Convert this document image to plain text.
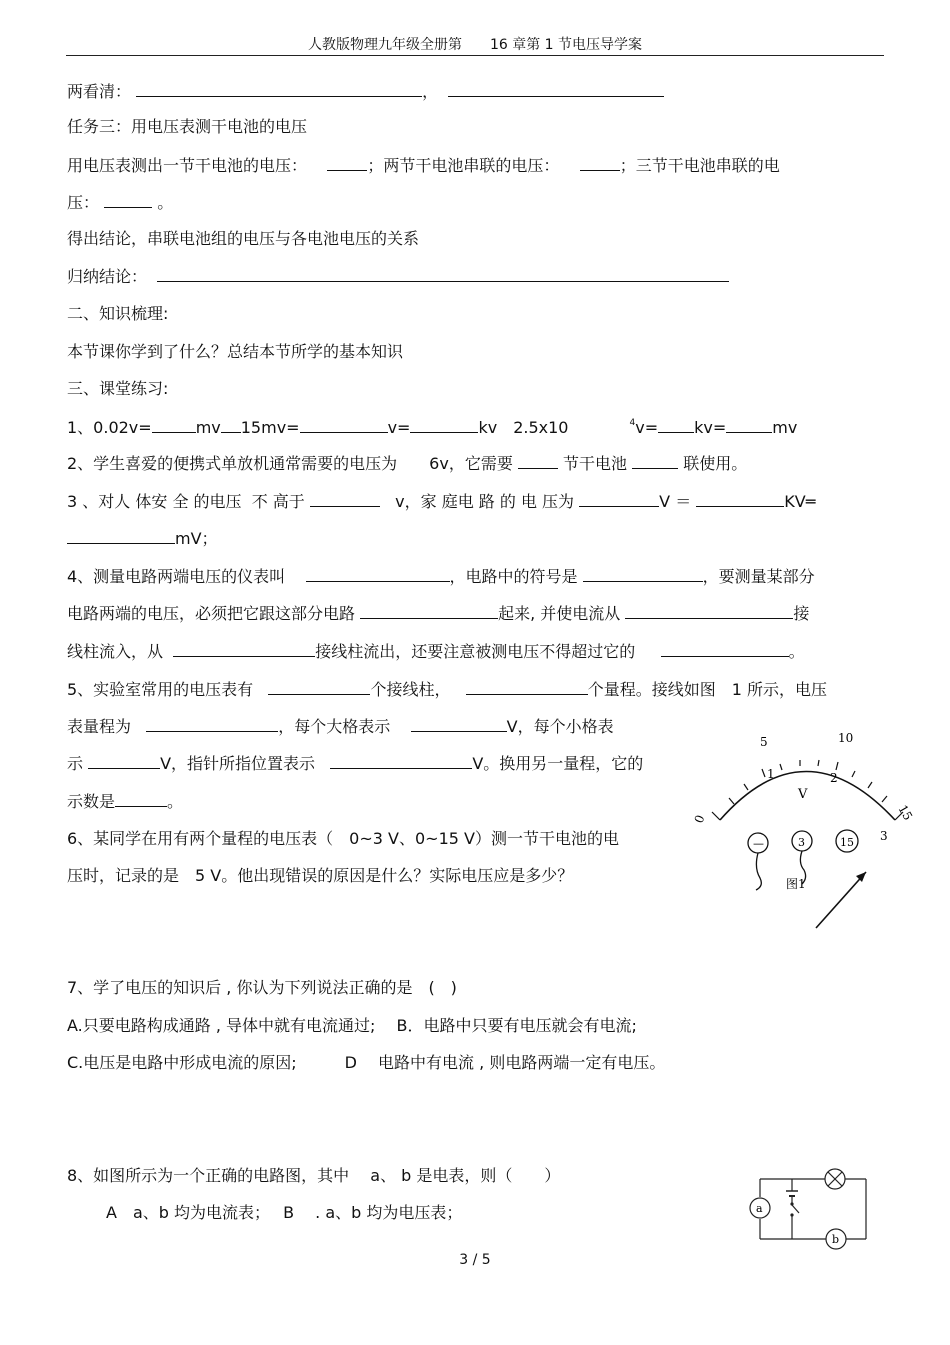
人教版物理九年级全册第　　16 章第 1 节电压导学案
两看清：	，
任务三：用电压表测干电池的电压
用电压表测出一节干电池的电压：	；两节干电池串联的电压：	；三节干电池串联的电
压：	。
得出结论，串联电池组的电压与各电池电压的关系
归纳结论：
二、知识梳理:
本节课你学到了什么？总结本节所学的基本知识
三、课堂练习:
1、0.02v=	mv 15mv=	v=	kv　2.5x10	$^4$v= kv=	mv
2、学生喜爱的便携式单放机通常需要的电压为　　6v，它需要	节干电池	联使用。
3 、对人 体安 全 的电压  不 高于	v，家 庭电 路 的 电 压为	V ＝	KV═
mV；
4、测量电路两端电压的仪表叫	，电路中的符号是	，要测量某部分
电路两端的电压，必须把它跟这部分电路	起来, 并使电流从	接
线柱流入，从	接线柱流出，还要注意被测电压不得超过它的	。
5、实验室常用的电压表有	个接线柱，	个量程。接线如图　1 所示，电压
表量程为	，每个大格表示	V，每个小格表
示	V，指针所指位置表示	V。换用另一量程，它的
示数是	。
6、某同学在用有两个量程的电压表（　0~3 V、0~15 V）测一节干电池的电
压时，记录的是　5 V。他出现错误的原因是什么？实际电压应是多少？
7、学了电压的知识后 , 你认为下列说法正确的是　(　)
A.只要电路构成通路 , 导体中就有电流通过;　 B．电路中只要有电压就会有电流;
C.电压是电路中形成电流的原因;　　　D　 电路中有电流 , 则电路两端一定有电压。
8、如图所示为一个正确的电路图，其中　 a、 b 是电表，则（　　）
A　a、b 均为电流表；　 B　 . a、b 均为电压表；
0
5	10
15
1	2
3
V
—	3	15
图1
a
b
3 / 5
